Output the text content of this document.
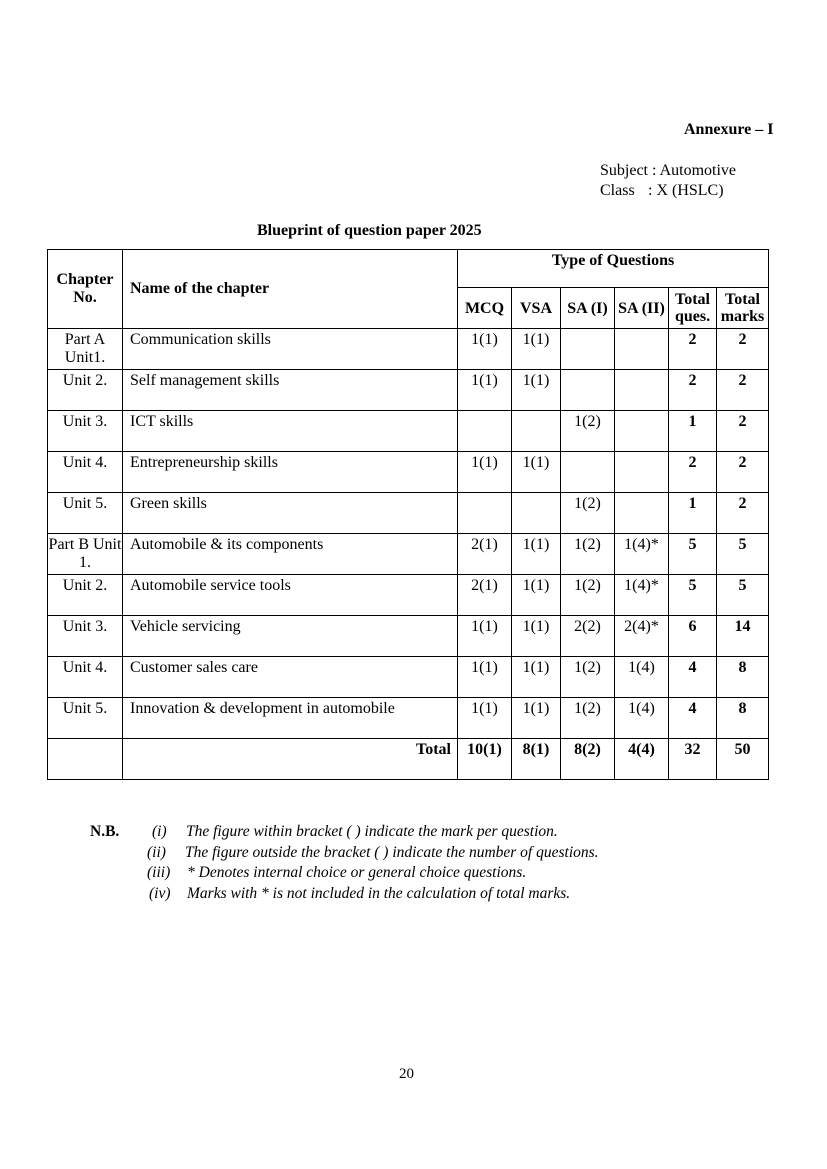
Annexure – I
Subject : Automotive
Class : X (HSLC)
Blueprint of question paper 2025
Chapter No.	Name of the chapter	Type of Questions					
		MCQ	VSA	SA (I)	SA (II)	Total ques.	Total marks
Part A Unit1.	Communication skills	1(1)	1(1)			2	2
Unit 2.	Self management skills	1(1)	1(1)			2	2
Unit 3.	ICT skills			1(2)		1	2
Unit 4.	Entrepreneurship skills	1(1)	1(1)			2	2
Unit 5.	Green skills			1(2)		1	2
Part B Unit 1.	Automobile & its components	2(1)	1(1)	1(2)	1(4)*	5	5
Unit 2.	Automobile service tools	2(1)	1(1)	1(2)	1(4)*	5	5
Unit 3.	Vehicle servicing	1(1)	1(1)	2(2)	2(4)*	6	14
Unit 4.	Customer sales care	1(1)	1(1)	1(2)	1(4)	4	8
Unit 5.	Innovation & development in automobile	1(1)	1(1)	1(2)	1(4)	4	8
	Total	10(1)	8(1)	8(2)	4(4)	32	50
N.B. (i) The figure within bracket ( ) indicate the mark per question.
(ii) The figure outside the bracket ( ) indicate the number of questions.
(iii) * Denotes internal choice or general choice questions.
(iv) Marks with * is not included in the calculation of total marks.
20
